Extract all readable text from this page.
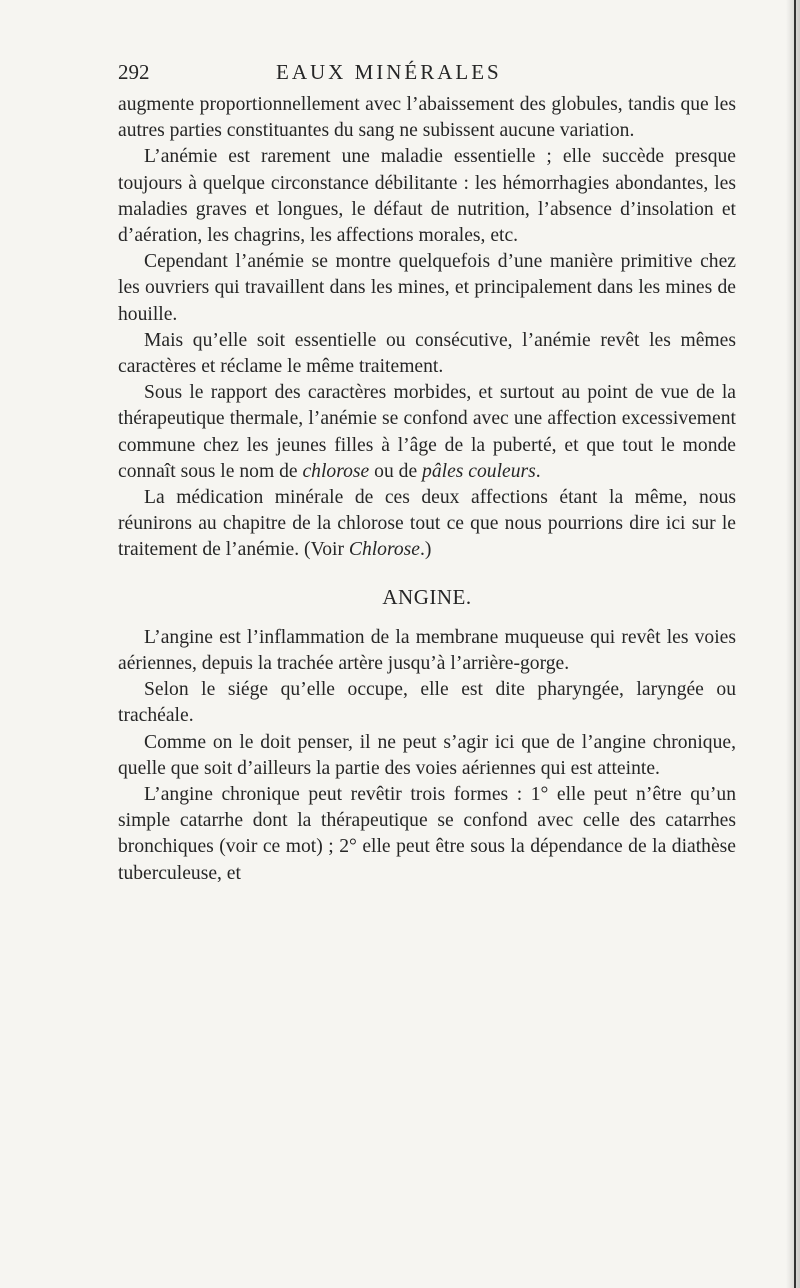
292	EAUX MINÉRALES

augmente proportionnellement avec l’abaissement des globules, tandis que les autres parties constituantes du sang ne subissent aucune variation.

L’anémie est rarement une maladie essentielle ; elle succède presque toujours à quelque circonstance débilitante : les hémorrhagies abondantes, les maladies graves et longues, le défaut de nutrition, l’absence d’insolation et d’aération, les chagrins, les affections morales, etc.

Cependant l’anémie se montre quelquefois d’une manière primitive chez les ouvriers qui travaillent dans les mines, et principalement dans les mines de houille.

Mais qu’elle soit essentielle ou consécutive, l’anémie revêt les mêmes caractères et réclame le même traitement.

Sous le rapport des caractères morbides, et surtout au point de vue de la thérapeutique thermale, l’anémie se confond avec une affection excessivement commune chez les jeunes filles à l’âge de la puberté, et que tout le monde connaît sous le nom de chlorose ou de pâles couleurs.

La médication minérale de ces deux affections étant la même, nous réunirons au chapitre de la chlorose tout ce que nous pourrions dire ici sur le traitement de l’anémie. (Voir Chlorose.)

ANGINE.

L’angine est l’inflammation de la membrane muqueuse qui revêt les voies aériennes, depuis la trachée artère jusqu’à l’arrière-gorge.

Selon le siége qu’elle occupe, elle est dite pharyngée, laryngée ou trachéale.

Comme on le doit penser, il ne peut s’agir ici que de l’angine chronique, quelle que soit d’ailleurs la partie des voies aériennes qui est atteinte.

L’angine chronique peut revêtir trois formes : 1° elle peut n’être qu’un simple catarrhe dont la thérapeutique se confond avec celle des catarrhes bronchiques (voir ce mot) ; 2° elle peut être sous la dépendance de la diathèse tuberculeuse, et
